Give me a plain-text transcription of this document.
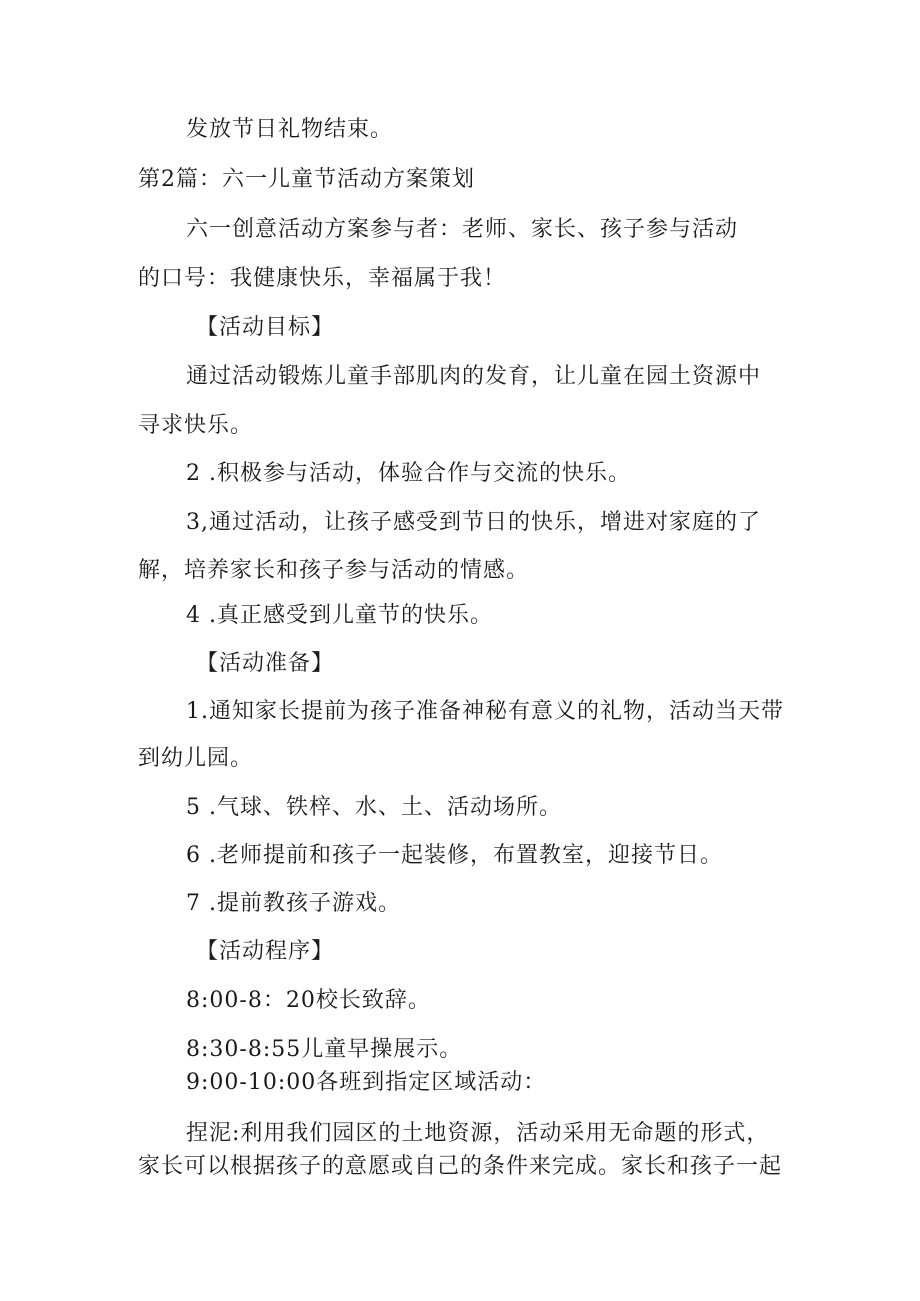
发放节日礼物结束。
第2篇：六一儿童节活动方案策划
六一创意活动方案参与者：老师、家长、孩子参与活动
的口号：我健康快乐，幸福属于我！
【活动目标】
通过活动锻炼儿童手部肌肉的发育，让儿童在园土资源中
寻求快乐。
2 .积极参与活动，体验合作与交流的快乐。
3,通过活动，让孩子感受到节日的快乐，增进对家庭的了
解，培养家长和孩子参与活动的情感。
4 .真正感受到儿童节的快乐。
【活动准备】
1.通知家长提前为孩子准备神秘有意义的礼物，活动当天带
到幼儿园。
5 .气球、铁梓、水、土、活动场所。
6 .老师提前和孩子一起装修，布置教室，迎接节日。
7 .提前教孩子游戏。
【活动程序】
8:00-8：20校长致辞。
8:30-8:55儿童早操展示。
9:00-10:00各班到指定区域活动：
捏泥:利用我们园区的土地资源，活动采用无命题的形式，
家长可以根据孩子的意愿或自己的条件来完成。家长和孩子一起
